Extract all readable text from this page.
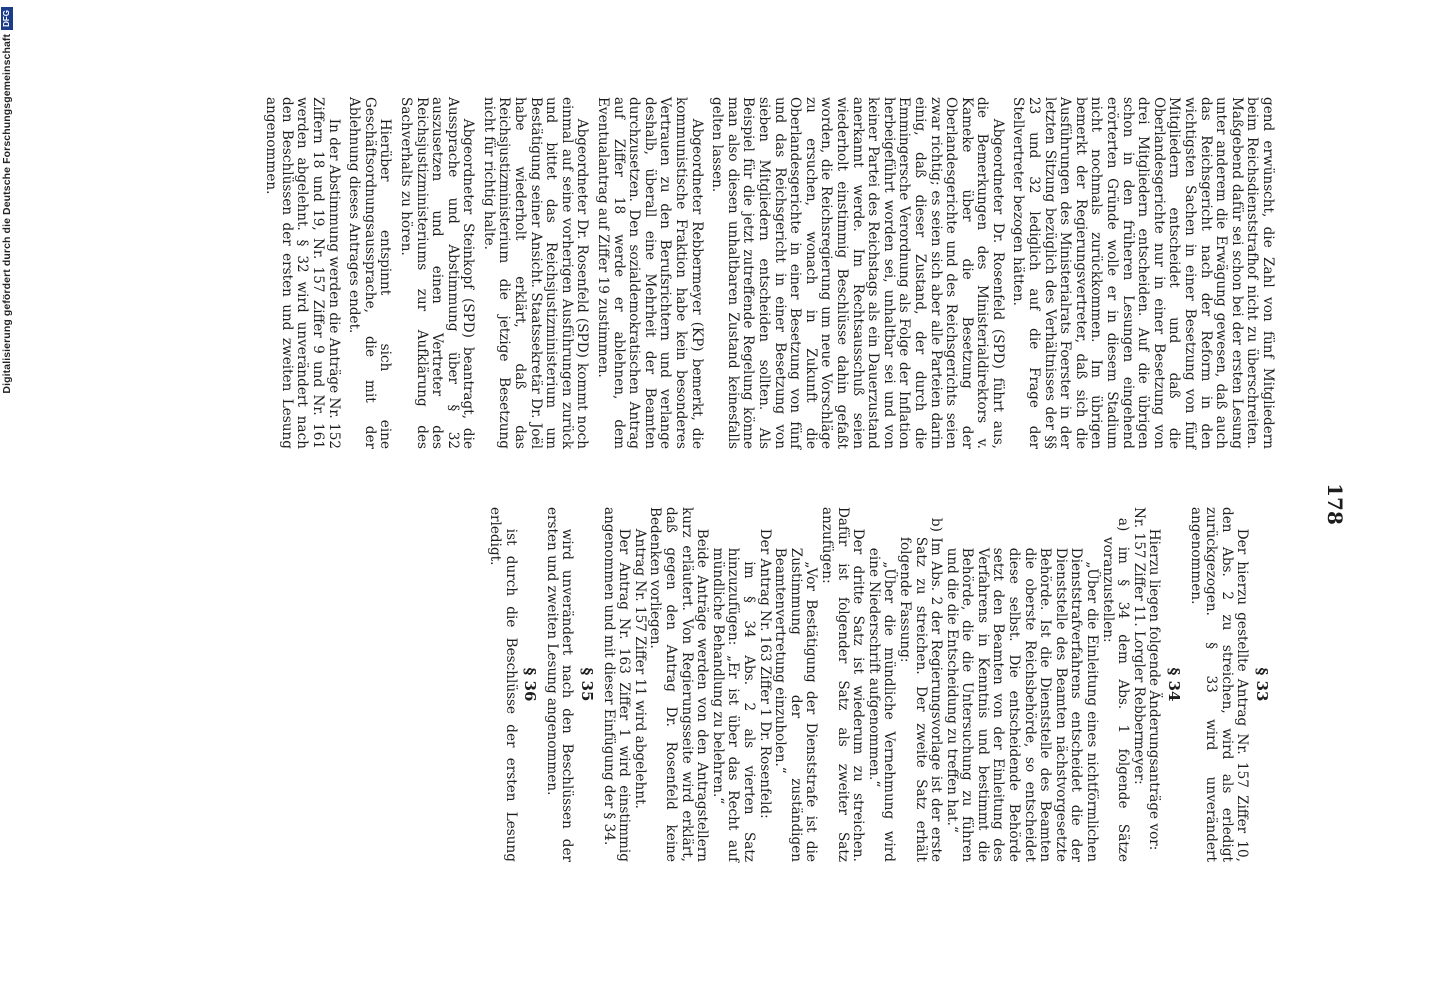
Digitalisierung gefördert durch die Deutsche Forschungsgemeinschaft
DFG
178

gend erwünscht, die Zahl von fünf Mitgliedern beim Reichsdienststrafhof nicht zu überschreiten. Maßgebend dafür sei schon bei der ersten Lesung unter anderem die Erwägung gewesen, daß auch das Reichsgericht nach der Reform in den wichtigsten Sachen in einer Besetzung von fünf Mitgliedern entscheidet und daß die Oberlandesgerichte nur in einer Besetzung von drei Mitgliedern entscheiden. Auf die übrigen schon in den früheren Lesungen eingehend erörterten Gründe wolle er in diesem Stadium nicht nochmals zurückkommen. Im übrigen bemerkt der Regierungsvertreter, daß sich die Ausführungen des Ministerialrats Foerster in der letzten Sitzung bezüglich des Verhältnisses der §§ 23 und 32 lediglich auf die Frage der Stellvertreter bezogen hätten.

Abgeordneter Dr. Rosenfeld (SPD) führt aus, die Bemerkungen des Ministerialdirektors v. Kameke über die Besetzung der Oberlandesgerichte und des Reichsgerichts seien zwar richtig; es seien sich aber alle Parteien darin einig, daß dieser Zustand, der durch die Emmingersche Verordnung als Folge der Inflation herbeigeführt worden sei, unhaltbar sei und von keiner Partei des Reichstags als ein Dauerzustand anerkannt werde. Im Rechtsausschuß seien wiederholt einstimmig Beschlüsse dahin gefaßt worden, die Reichsregierung um neue Vorschläge zu ersuchen, wonach in Zukunft die Oberlandesgerichte in einer Besetzung von fünf und das Reichsgericht in einer Besetzung von sieben Mitgliedern entscheiden sollten. Als Beispiel für die jetzt zutreffende Regelung könne man also diesen unhaltbaren Zustand keinesfalls gelten lassen.

Abgeordneter Rebbermeyer (KP) bemerkt, die kommunistische Fraktion habe kein besonderes Vertrauen zu den Berufsrichtern und verlange deshalb, überall eine Mehrheit der Beamten durchzusetzen. Den sozialdemokratischen Antrag auf Ziffer 18 werde er ablehnen, dem Eventualantrag auf Ziffer 19 zustimmen.

Abgeordneter Dr. Rosenfeld (SPD) kommt noch einmal auf seine vorherigen Ausführungen zurück und bittet das Reichsjustizministerium um Bestätigung seiner Ansicht. Staatssekretär Dr. Joël habe wiederholt erklärt, daß das Reichsjustizministerium die jetzige Besetzung nicht für richtig halte.

Abgeordneter Steinkopf (SPD) beantragt, die Aussprache und Abstimmung über § 32 auszusetzen und einen Vertreter des Reichsjustizministeriums zur Aufklärung des Sachverhalts zu hören.

Hierüber entspinnt sich eine Geschäftsordnungsaussprache, die mit der Ablehnung dieses Antrages endet.

In der Abstimmung werden die Anträge Nr. 152 Ziffern 18 und 19, Nr. 157 Ziffer 9 und Nr. 161 werden abgelehnt. § 32 wird unverändert nach den Beschlüssen der ersten und zweiten Lesung angenommen.

§ 33

Der hierzu gestellte Antrag Nr. 157 Ziffer 10, den Abs. 2 zu streichen, wird als erledigt zurückgezogen. § 33 wird unverändert angenommen.

§ 34

Hierzu liegen folgende Änderungsanträge vor:

Nr. 157 Ziffer 11. Lorgler Rebbermeyer:

a) im § 34 dem Abs. 1 folgende Sätze voranzustellen:

„Über die Einleitung eines nichtförmlichen Dienststrafverfahrens entscheidet die der Dienststelle des Beamten nächstvorgesetzte Behörde. Ist die Dienststelle des Beamten die oberste Reichsbehörde, so entscheidet diese selbst. Die entscheidende Behörde setzt den Beamten von der Einleitung des Verfahrens in Kenntnis und bestimmt die Behörde, die die Untersuchung zu führen und die die Entscheidung zu treffen hat.“

b) Im Abs. 2 der Regierungsvorlage ist der erste Satz zu streichen. Der zweite Satz erhält folgende Fassung:

„Über die mündliche Vernehmung wird eine Niederschrift aufgenommen.“

Der dritte Satz ist wiederum zu streichen. Dafür ist folgender Satz als zweiter Satz anzufügen:

„Vor Bestätigung der Dienststrafe ist die Zustimmung der zuständigen Beamtenvertretung einzuholen.“

Der Antrag Nr. 163 Ziffer 1 Dr. Rosenfeld:

im § 34 Abs. 2 als vierten Satz hinzuzufügen: „Er ist über das Recht auf mündliche Behandlung zu belehren.“

Beide Anträge werden von den Antragstellern kurz erläutert. Von Regierungsseite wird erklärt, daß gegen den Antrag Dr. Rosenfeld keine Bedenken vorliegen.

Antrag Nr. 157 Ziffer 11 wird abgelehnt.

Der Antrag Nr. 163 Ziffer 1 wird einstimmig angenommen und mit dieser Einfügung der § 34.

§ 35

wird unverändert nach den Beschlüssen der ersten und zweiten Lesung angenommen.

§ 36

ist durch die Beschlüsse der ersten Lesung erledigt.
